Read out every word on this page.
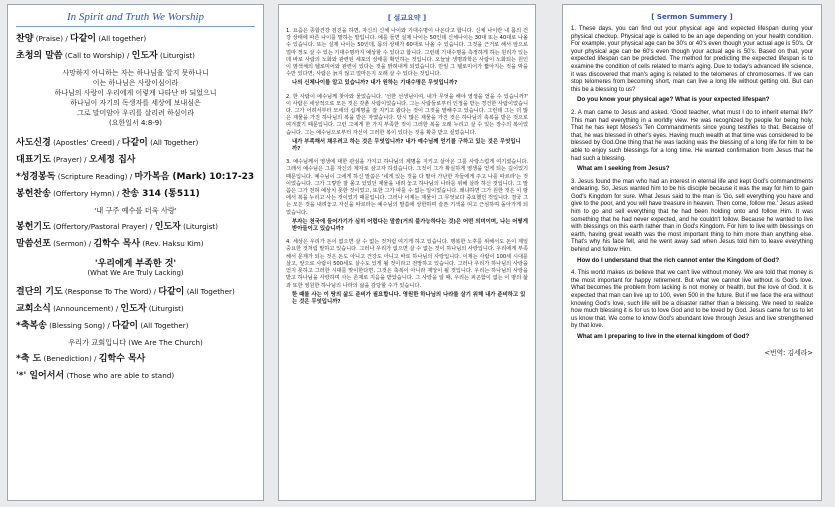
In Spirit and Truth We Worship
찬양 (Praise) / 다같이 (All together)
초청의 말씀 (Call to Worship) / 인도자 (Liturgist)
사망하지 아니하는 자는 하나님을 알지 못하나니
이는 하나님은 사랑이심이라
하나님의 사랑이 우리에게 이렇게 나타난 바 되었으니
하나님이 자기의 독생자를 세상에 보내심은
그로 말미암아 우리를 살리려 하심이라
(요한일서 4:8-9)
사도신경 (Apostles' Creed) / 다같이 (All Together)
대표기도 (Prayer) / 오세정 집사
*성경봉독 (Scripture Reading) / 마가복음 (Mark) 10:17-23
봉헌찬송 (Offertory Hymn) / 찬송 314 (통511)
'내 구주 예수를 더욱 사랑'
봉헌기도 (Offertory/Pastoral Prayer) / 인도자 (Liturgist)
말씀선포 (Sermon) / 김학수 목사 (Rev. Haksu Kim)
'우리에게 부족한 것'
(What We Are Truly Lacking)
결단의 기도 (Response To The Word) / 다같이 (All Together)
교회소식 (Announcement) / 인도자 (Liturgist)
*축복송 (Blessing Song) / 다같이 (All Together)
우리가 교회입니다 (We Are The Church)
*축 도 (Benediction) / 김학수 목사
'*' 일어서서 (Those who are able to stand)
[ 설교요약 ]
1. 요즘은 종합건강 검진을 하면, 자신의 신체 나이와 기대수명이 나온다고 합니다. 신체 나이란 내 몸의 건강 상태에 따른 나이를 말하는 말입니다. 예를 들면 실제 나이는 50인데 신체나이는 30대 또는 40대로 나올 수 있습니다. 또는 실제 나이는 50인데, 몸의 상태가 60대로 나올 수 있습니다. 그것을 근거로 해서 앞으로 얼마 정도 살 수 있는 기대수명까지 예상할 수 있다고 합니다. 그런데 기대수명을 측정하게 하는 원리가 있는데 바로 사람의 노화와 관련된 세포의 상태를 확인하는 것입니다. 오늘날 생명과학은 사람이 노화되는 원인이 염색체의 텔로미어와 관련이 있다는 것을 밝혀내게 되었습니다. 만일 그 텔로미어가 짧아지는 것을 막을 수만 있다면, 사람은 늙지 않고 얼마든지 오래 살 수 있다는 것입니다.
나의 신체나이를 알고 있습니까? 내가 원하는 기대수명은 무엇입니까?
2. 한 사람이 예수님께 찾아와 물었습니다. '선한 선생님이여, 내가 무엇을 해야 영생을 얻을 수 있습니까?' 이 사람은 세상적으로 모든 것은 갖춘 사람이었습니다. 그는 사람들로부터 인정을 받는 경건한 사람이었습니다. 그가 어려서부터 모세의 십계명을 잘 지키고 왔다는 것이 그것을 말해주고 있습니다. 그런데 그는 더 많은 재물을 가진 하나님의 복을 받은 자였습니다. 당시 많은 재물을 가진 것은 하나님의 축복을 받은 것으로 여겨졌기 때문입니다. 그런 그에게 한 가지 부족한 것이 그러한 복을 오래 누리고 살 수 있는 장수의 복이었습니다. 그는 예수님으로부터 자신이 그러한 복이 있다는 것을 확증 받고 싶었습니다.
내가 부족해서 채우려고 하는 것은 무엇입니까? 내가 예수님께 얻기를 구하고 있는 것은 무엇입니까?
3. 예수님께서 영생에 대한 관심을 가지고 하나님의 계명을 지키고 살아온 그를 사랑스럽게 여기셨습니다. 그래서 예수님은 그를 자신의 제자로 삼고자 하셨습니다. 그것이 그가 확실하게 영생을 얻게 되는 길이었기 때문입니다. 예수님이 그에게 하신 말씀은 '네게 있는 것을 다 팔아 가난한 자들에게 주고 나를 따르라'는 것이었습니다. 그가 그렇만 잘 몰고 있었던 재물을 내려 놓고 하나님의 나라를 위해 살라 하신 것입니다. 그 말씀은 그가 전혀 예상치 못한 것이었고, 또한 그가 따를 수 없는 일이었습니다. 왜냐하면 그가 원한 것은 이 땅에서 복을 누리고 사는 것이었기 때문입니다. 그러나 이제는 재물이 그 무엇보다 중요했던 것입니다. 결국 그는 모든 것을 내려놓고 자신을 따르라는 예수님의 말씀에 상한하며 슬픈 기색을 띠고 근심하며 돌아가게 되었습니다.
부자는 천국에 들어가기가 심히 어렵다는 말씀(거의 불가능하다는 것)은 어떤 의미이며, 나는 어떻게 받아들이고 있습니까?
4. 세상은 우리가 돈이 없으면 살 수 없는 것처럼 여기게 하고 있습니다. 행복한 노후를 위해서도 돈이 제일 중요한 것처럼 말하고 있습니다. 그러나 우리가 없으면 살 수 없는 것이 하나님의 사랑입니다. 우리에게 부족해서 문제가 되는 것은 돈도 아니고 건강도 아니고 바로 하나님의 사랑입니다. 이제는 사람이 100세 시대를 살고, 앞으로 사람이 500세도 살수도 있게 될 것이라고 전망하고 있습니다. 그러나 우리가 하나님의 사랑을 얻지 못하고 그러한 시대를 맞이한다면, 그것은 축복이 아니라 재앙이 될 것입니다. 우리는 하나님의 사랑을 받고 하나님을 사랑하며 사는 존재로 지음을 받았습니다. 그 사랑을 알 때, 우리는 피곤함이 없는 이 땅의 삶과 또한 영원한 하나님의 나라의 삶을 감당할 수가 있습니다.
한 때를 사는 이 땅의 삶도 준비가 필요합니다. 영원한 하나님의 나라를 살기 위해 내가 준비하고 있는 것은 무엇입니까?
[ Sermon Summery ]
1. These days, you can find out your physical age and expected lifespan during your physical checkup. Physical age is called to be an age depending on your health condition. For example, your physical age can be 30's or 40's even though your actual age is 50's. Or your physical age can be 60's even though your actual age is 50's. Based on that, your expected lifespan can be predicted. The method for predicting the expected lifespan is to examine the condition of cells related to man's aging. Due to today's advanced life science, it was discovered that man's aging is related to the telomeres of chromosomes. If we can stop telomeres from becoming short, man can live a long life without getting old. But can this be a blessing to us?
Do you know your physical age? What is your expected lifespan?
2. A man came to Jesus and asked. 'Good teacher, what must I do to inherit eternal life?' This man had everything in a worldly view. He was recognized by people for being holy. That he has kept Moses's Ten Commandments since young testifies to that. Because of that, he was blessed in other's eyes. Having much wealth at that time was considered to be blessed by God.One thing that he was lacking was the blessing of a long life for him to be able to enjoy such blessings for a long time. He wanted confirmation from Jesus that he had such a blessing.
What am I seeking from Jesus?
3. Jesus found the man who had an interest in eternal life and kept God's commandments endearing. So, Jesus wanted him to be his disciple because it was the way for him to gain God's Kingdom for sure. What Jesus said to the man is 'Go, sell everything you have and give to the poor, and you will have treasure in heaven. Then come, follow me.' Jesus asked him to go and sell everything that he had been holding onto and follow Him. It was something that he had never expected, and he couldn't follow. Because he wanted to live with blessings on this earth rather than in God's Kingdom. For him to live with blessings on earth, having great wealth was the most important thing to him more than anything else. That's why his face fell, and he went away sad when Jesus told him to leave everything behind and follow Him.
How do I understand that the rich cannot enter the Kingdom of God?
4. This world makes us believe that we can't live without money. We are told that money is the most important for happy retirement. But what we cannot live without is God's love. What becomes the problem from lacking is not money or health, but the love of God. It is expected that man can live up to 100, even 500 in the future. But if we face the era without knowing God's love, such life will be a disaster rather than a blessing. We need to realize how much blessing it is for us to love God and to be loved by God. Jesus came for us to let us know that. We come to know God's abundant love through Jesus and live strengthened by that love.
What am I preparing to live in the eternal kingdom of God?
<번역: 김세라>
